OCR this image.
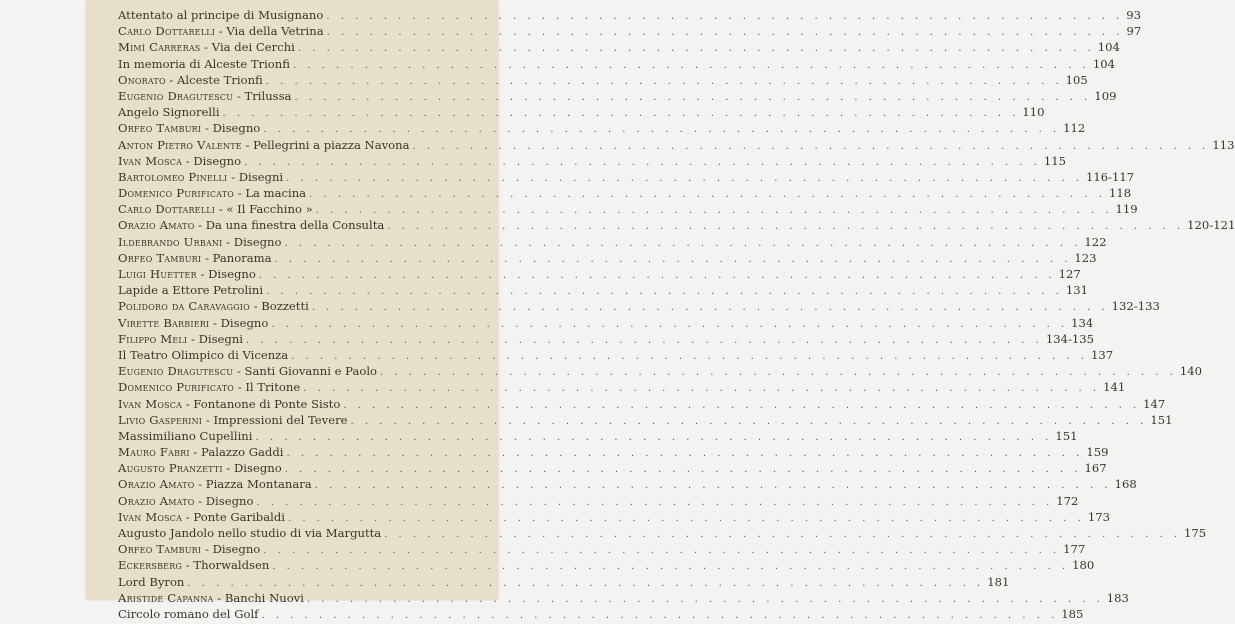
Attentato al principe di Musignano . . .	93
Carlo Dottarelli - Via della Vetrina . . .	97
Mimì Carreras - Via dei Cerchi . . .	104
In memoria di Alceste Trionfi . . .	104
Onorato - Alceste Trionfi . . .	105
Eugenio Dragutescu - Trilussa . . .	109
Angelo Signorelli . . .	110
Orfeo Tamburi - Disegno . . .	112
Anton Pietro Valente - Pellegrini a piazza Navona . . .	113
Ivan Mosca - Disegno . . .	115
Bartolomeo Pinelli - Disegni . . .	116-117
Domenico Purificato - La macina . . .	118
Carlo Dottarelli - « Il Facchino » . . .	119
Orazio Amato - Da una finestra della Consulta . . .	120-121
Ildebrando Urbani - Disegno . . .	122
Orfeo Tamburi - Panorama . . .	123
Luigi Huetter - Disegno . . .	127
Lapide a Ettore Petrolini . . .	131
Polidoro da Caravaggio - Bozzetti . . .	132-133
Virette Barbieri - Disegno . . .	134
Filippo Meli - Disegni . . .	134-135
Il Teatro Olimpico di Vicenza . . .	137
Eugenio Dragutescu - Santi Giovanni e Paolo . . .	140
Domenico Purificato - Il Tritone . . .	141
Ivan Mosca - Fontanone di Ponte Sisto . . .	147
Livio Gasperini - Impressioni del Tevere . . .	151
Massimiliano Cupellini . . .	151
Mauro Fabri - Palazzo Gaddi . . .	159
Augusto Pranzetti - Disegno . . .	167
Orazio Amato - Piazza Montanara . . .	168
Orazio Amato - Disegno . . .	172
Ivan Mosca - Ponte Garibaldi . . .	173
Augusto Jandolo nello studio di via Margutta . . .	175
Orfeo Tamburi - Disegno . . .	177
Eckersberg - Thorwaldsen . . .	180
Lord Byron . . .	181
Aristide Capanna - Banchi Nuovi . . .	183
Circolo romano del Golf . . .	185
